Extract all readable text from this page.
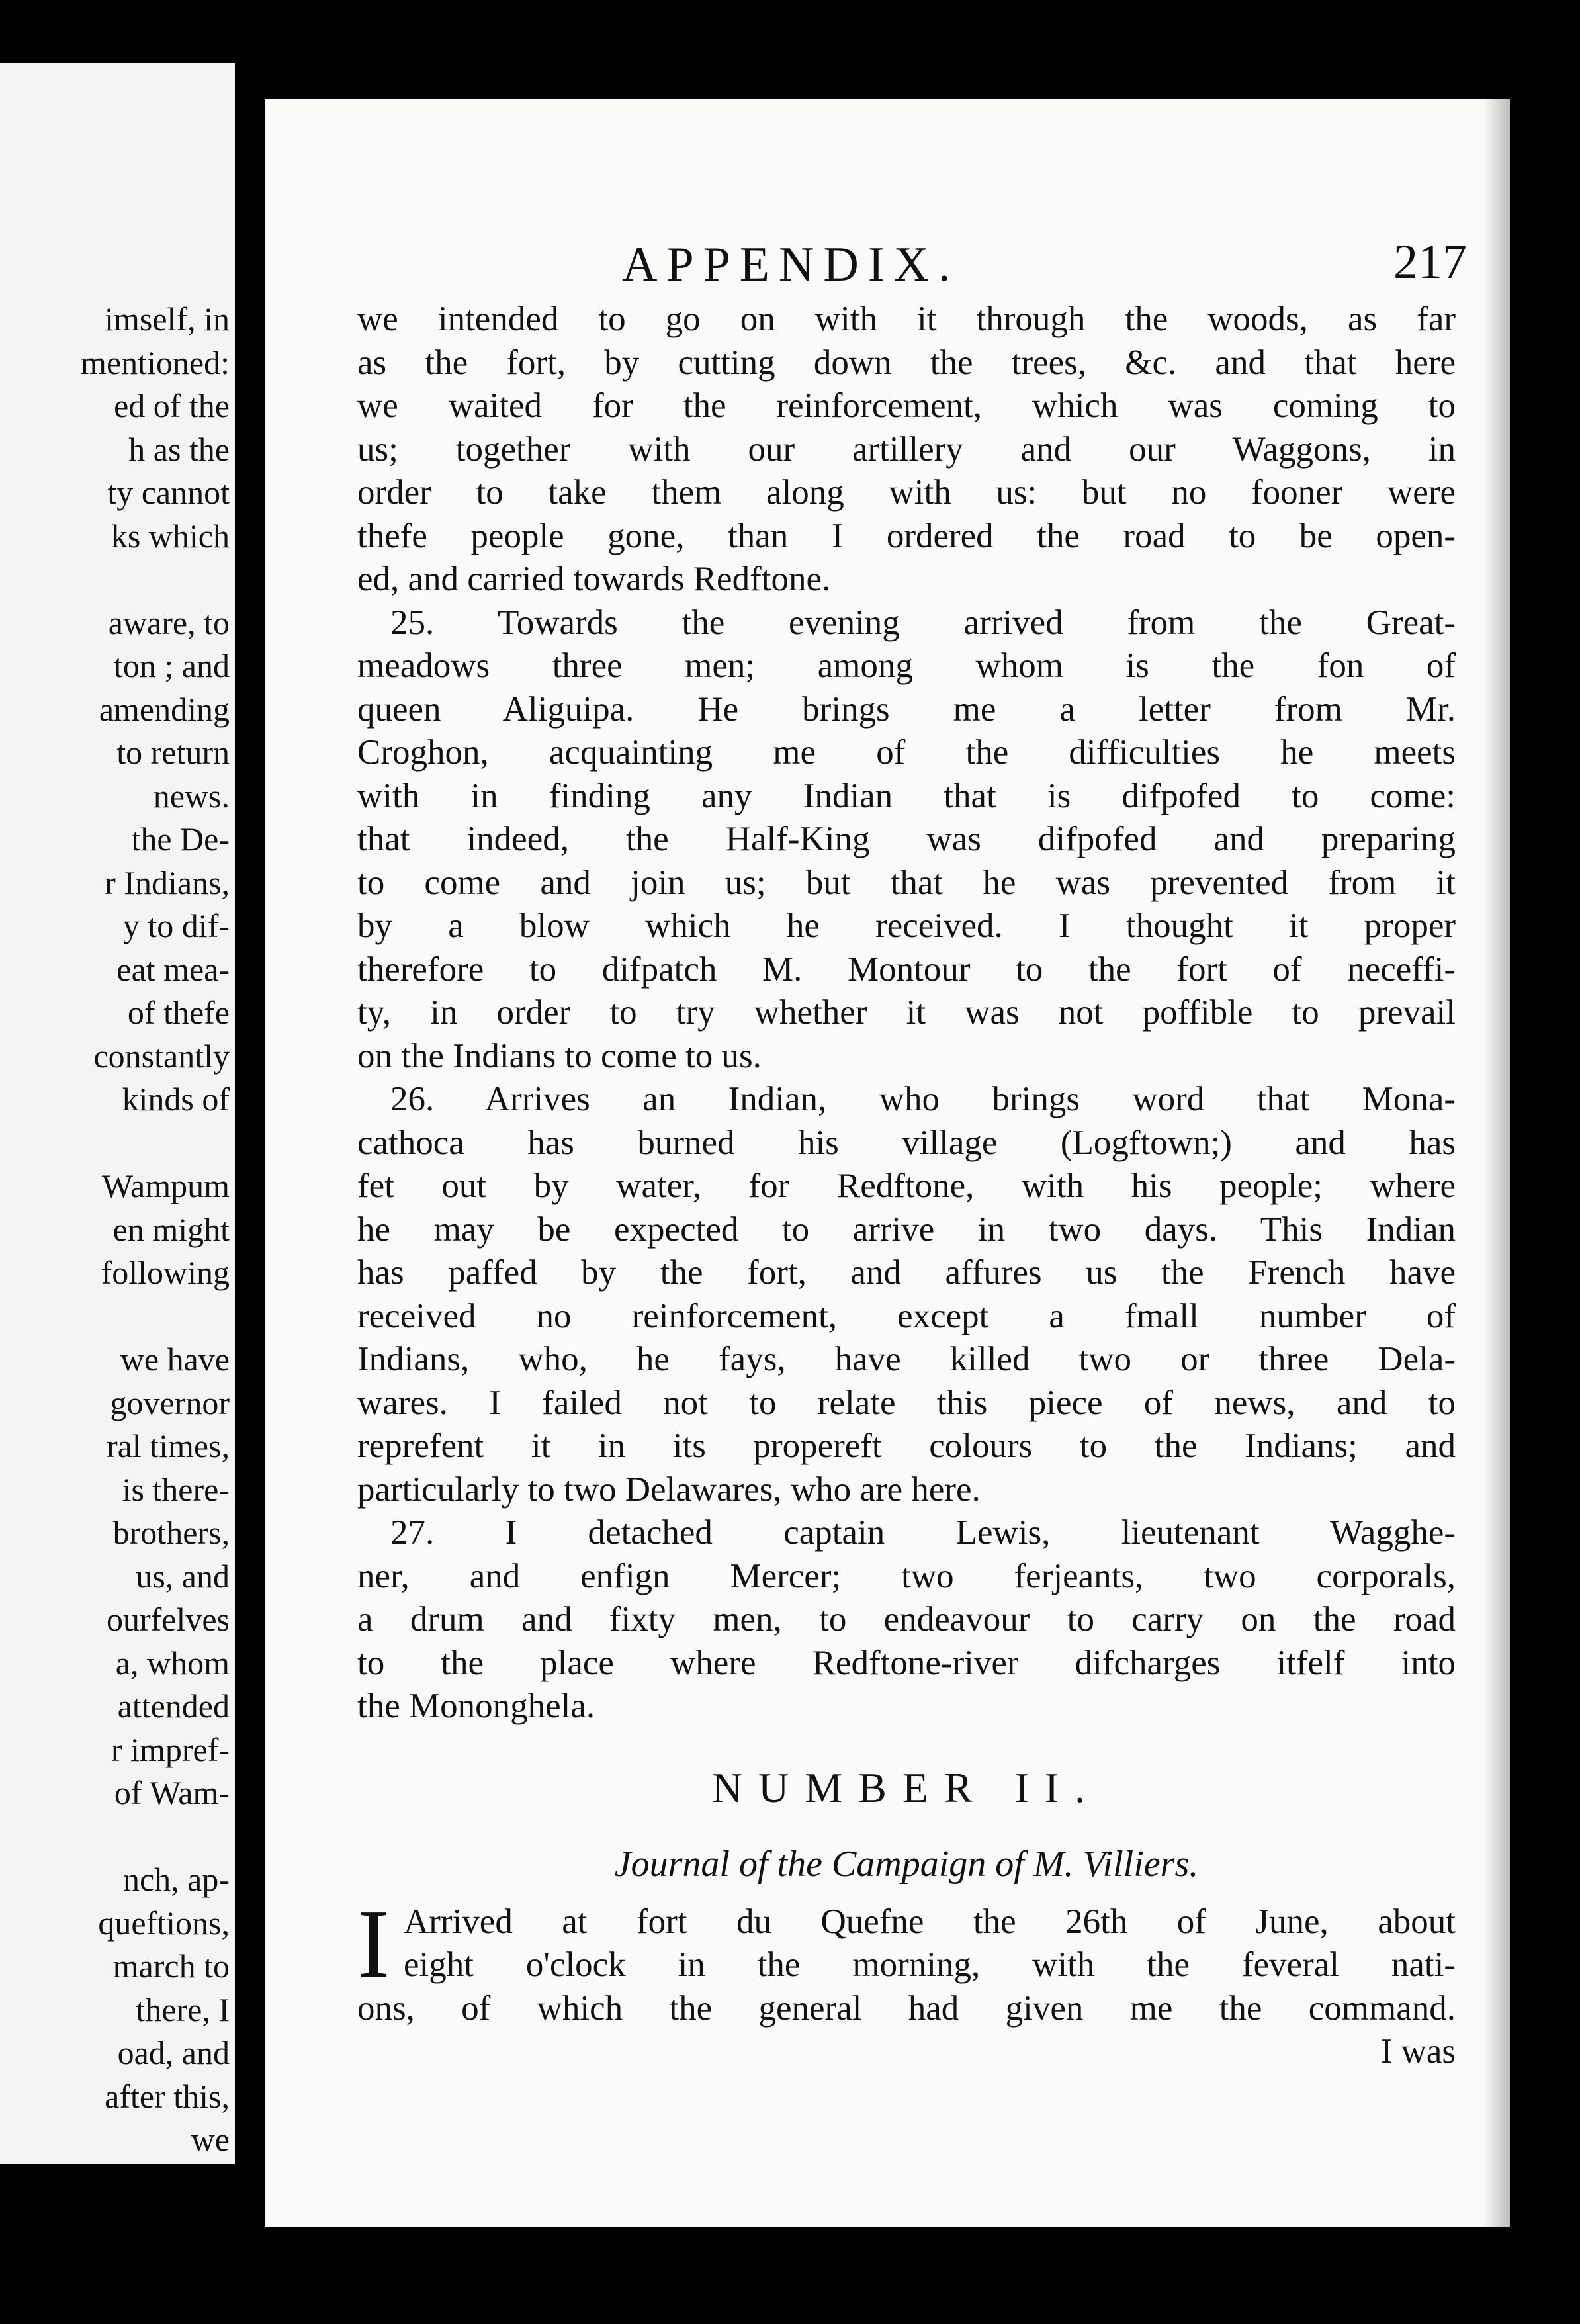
imself, in
mentioned:
ed of the
h as the
ty cannot
ks which
aware, to
ton ; and
amending
to return
news.
the De-
r Indians,
y to dif-
eat mea-
of thefe
constantly
kinds of
Wampum
en might
following
we have
governor
ral times,
is there-
brothers,
us, and
ourfelves
a, whom
attended
r impref-
of Wam-
nch, ap-
queftions,
march to
there, I
oad, and
after this,
we
APPENDIX.	217
we intended to go on with it through the woods, as far
as the fort, by cutting down the trees, &c. and that here
we waited for the reinforcement, which was coming to
us; together with our artillery and our Waggons, in
order to take them along with us: but no fooner were
thefe people gone, than I ordered the road to be open-
ed, and carried towards Redftone.
25. Towards the evening arrived from the Great-
meadows three men; among whom is the fon of
queen Aliguipa. He brings me a letter from Mr.
Croghon, acquainting me of the difficulties he meets
with in finding any Indian that is difpofed to come:
that indeed, the Half-King was difpofed and preparing
to come and join us; but that he was prevented from it
by a blow which he received. I thought it proper
therefore to difpatch M. Montour to the fort of neceffi-
ty, in order to try whether it was not poffible to prevail
on the Indians to come to us.
26. Arrives an Indian, who brings word that Mona-
cathoca has burned his village (Logftown;) and has
fet out by water, for Redftone, with his people; where
he may be expected to arrive in two days. This Indian
has paffed by the fort, and affures us the French have
received no reinforcement, except a fmall number of
Indians, who, he fays, have killed two or three Dela-
wares. I failed not to relate this piece of news, and to
reprefent it in its propereft colours to the Indians; and
particularly to two Delawares, who are here.
27. I detached captain Lewis, lieutenant Wagghe-
ner, and enfign Mercer; two ferjeants, two corporals,
a drum and fixty men, to endeavour to carry on the road
to the place where Redftone-river difcharges itfelf into
the Mononghela.
NUMBER II.
Journal of the Campaign of M. Villiers.
I Arrived at fort du Quefne the 26th of June, about
eight o'clock in the morning, with the feveral nati-
ons, of which the general had given me the command.
I was
